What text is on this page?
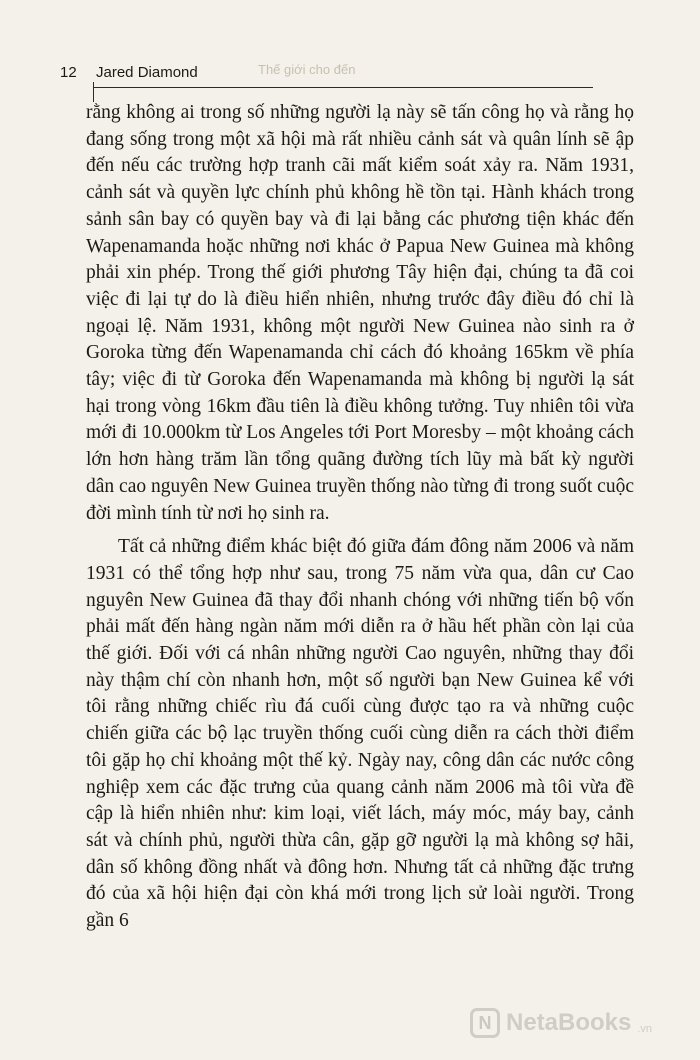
12 Jared Diamond	Thế giới cho đến

rằng không ai trong số những người lạ này sẽ tấn công họ và rằng họ đang sống trong một xã hội mà rất nhiều cảnh sát và quân lính sẽ ập đến nếu các trường hợp tranh cãi mất kiểm soát xảy ra. Năm 1931, cảnh sát và quyền lực chính phủ không hề tồn tại. Hành khách trong sảnh sân bay có quyền bay và đi lại bằng các phương tiện khác đến Wapenamanda hoặc những nơi khác ở Papua New Guinea mà không phải xin phép. Trong thế giới phương Tây hiện đại, chúng ta đã coi việc đi lại tự do là điều hiển nhiên, nhưng trước đây điều đó chỉ là ngoại lệ. Năm 1931, không một người New Guinea nào sinh ra ở Goroka từng đến Wapenamanda chỉ cách đó khoảng 165km về phía tây; việc đi từ Goroka đến Wapenamanda mà không bị người lạ sát hại trong vòng 16km đầu tiên là điều không tưởng. Tuy nhiên tôi vừa mới đi 10.000km từ Los Angeles tới Port Moresby – một khoảng cách lớn hơn hàng trăm lần tổng quãng đường tích lũy mà bất kỳ người dân cao nguyên New Guinea truyền thống nào từng đi trong suốt cuộc đời mình tính từ nơi họ sinh ra.

Tất cả những điểm khác biệt đó giữa đám đông năm 2006 và năm 1931 có thể tổng hợp như sau, trong 75 năm vừa qua, dân cư Cao nguyên New Guinea đã thay đổi nhanh chóng với những tiến bộ vốn phải mất đến hàng ngàn năm mới diễn ra ở hầu hết phần còn lại của thế giới. Đối với cá nhân những người Cao nguyên, những thay đổi này thậm chí còn nhanh hơn, một số người bạn New Guinea kể với tôi rằng những chiếc rìu đá cuối cùng được tạo ra và những cuộc chiến giữa các bộ lạc truyền thống cuối cùng diễn ra cách thời điểm tôi gặp họ chỉ khoảng một thế kỷ. Ngày nay, công dân các nước công nghiệp xem các đặc trưng của quang cảnh năm 2006 mà tôi vừa đề cập là hiển nhiên như: kim loại, viết lách, máy móc, máy bay, cảnh sát và chính phủ, người thừa cân, gặp gỡ người lạ mà không sợ hãi, dân số không đồng nhất và đông hơn. Nhưng tất cả những đặc trưng đó của xã hội hiện đại còn khá mới trong lịch sử loài người. Trong gần 6

N NetaBooks .vn
